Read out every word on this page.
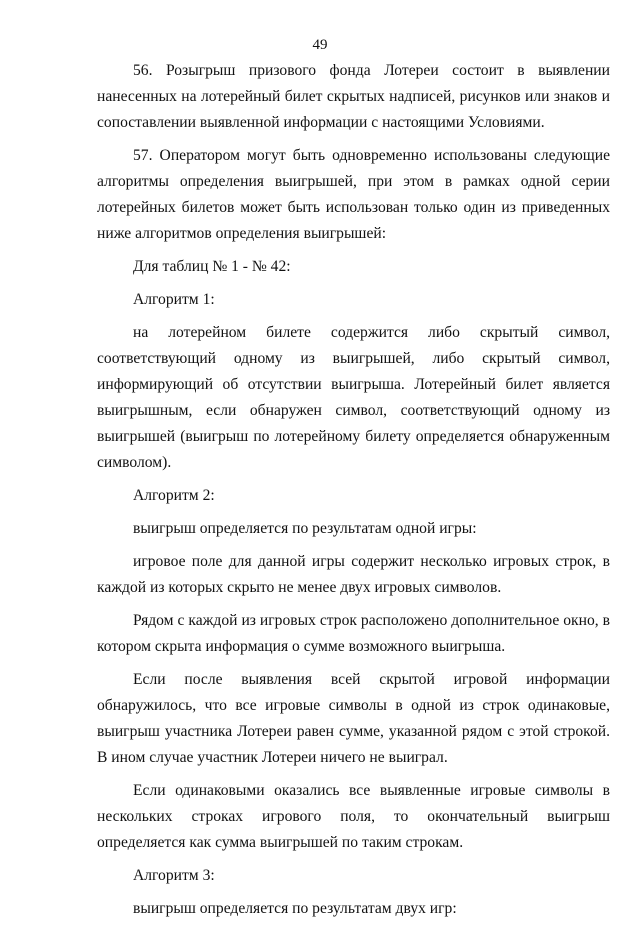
49

56. Розыгрыш призового фонда Лотереи состоит в выявлении нанесенных на лотерейный билет скрытых надписей, рисунков или знаков и сопоставлении выявленной информации с настоящими Условиями.

57. Оператором могут быть одновременно использованы следующие алгоритмы определения выигрышей, при этом в рамках одной серии лотерейных билетов может быть использован только один из приведенных ниже алгоритмов определения выигрышей:

Для таблиц № 1 - № 42:

Алгоритм 1:

на лотерейном билете содержится либо скрытый символ, соответствующий одному из выигрышей, либо скрытый символ, информирующий об отсутствии выигрыша. Лотерейный билет является выигрышным, если обнаружен символ, соответствующий одному из выигрышей (выигрыш по лотерейному билету определяется обнаруженным символом).

Алгоритм 2:

выигрыш определяется по результатам одной игры:

игровое поле для данной игры содержит несколько игровых строк, в каждой из которых скрыто не менее двух игровых символов.

Рядом с каждой из игровых строк расположено дополнительное окно, в котором скрыта информация о сумме возможного выигрыша.

Если после выявления всей скрытой игровой информации обнаружилось, что все игровые символы в одной из строк одинаковые, выигрыш участника Лотереи равен сумме, указанной рядом с этой строкой. В ином случае участник Лотереи ничего не выиграл.

Если одинаковыми оказались все выявленные игровые символы в нескольких строках игрового поля, то окончательный выигрыш определяется как сумма выигрышей по таким строкам.

Алгоритм 3:

выигрыш определяется по результатам двух игр:
